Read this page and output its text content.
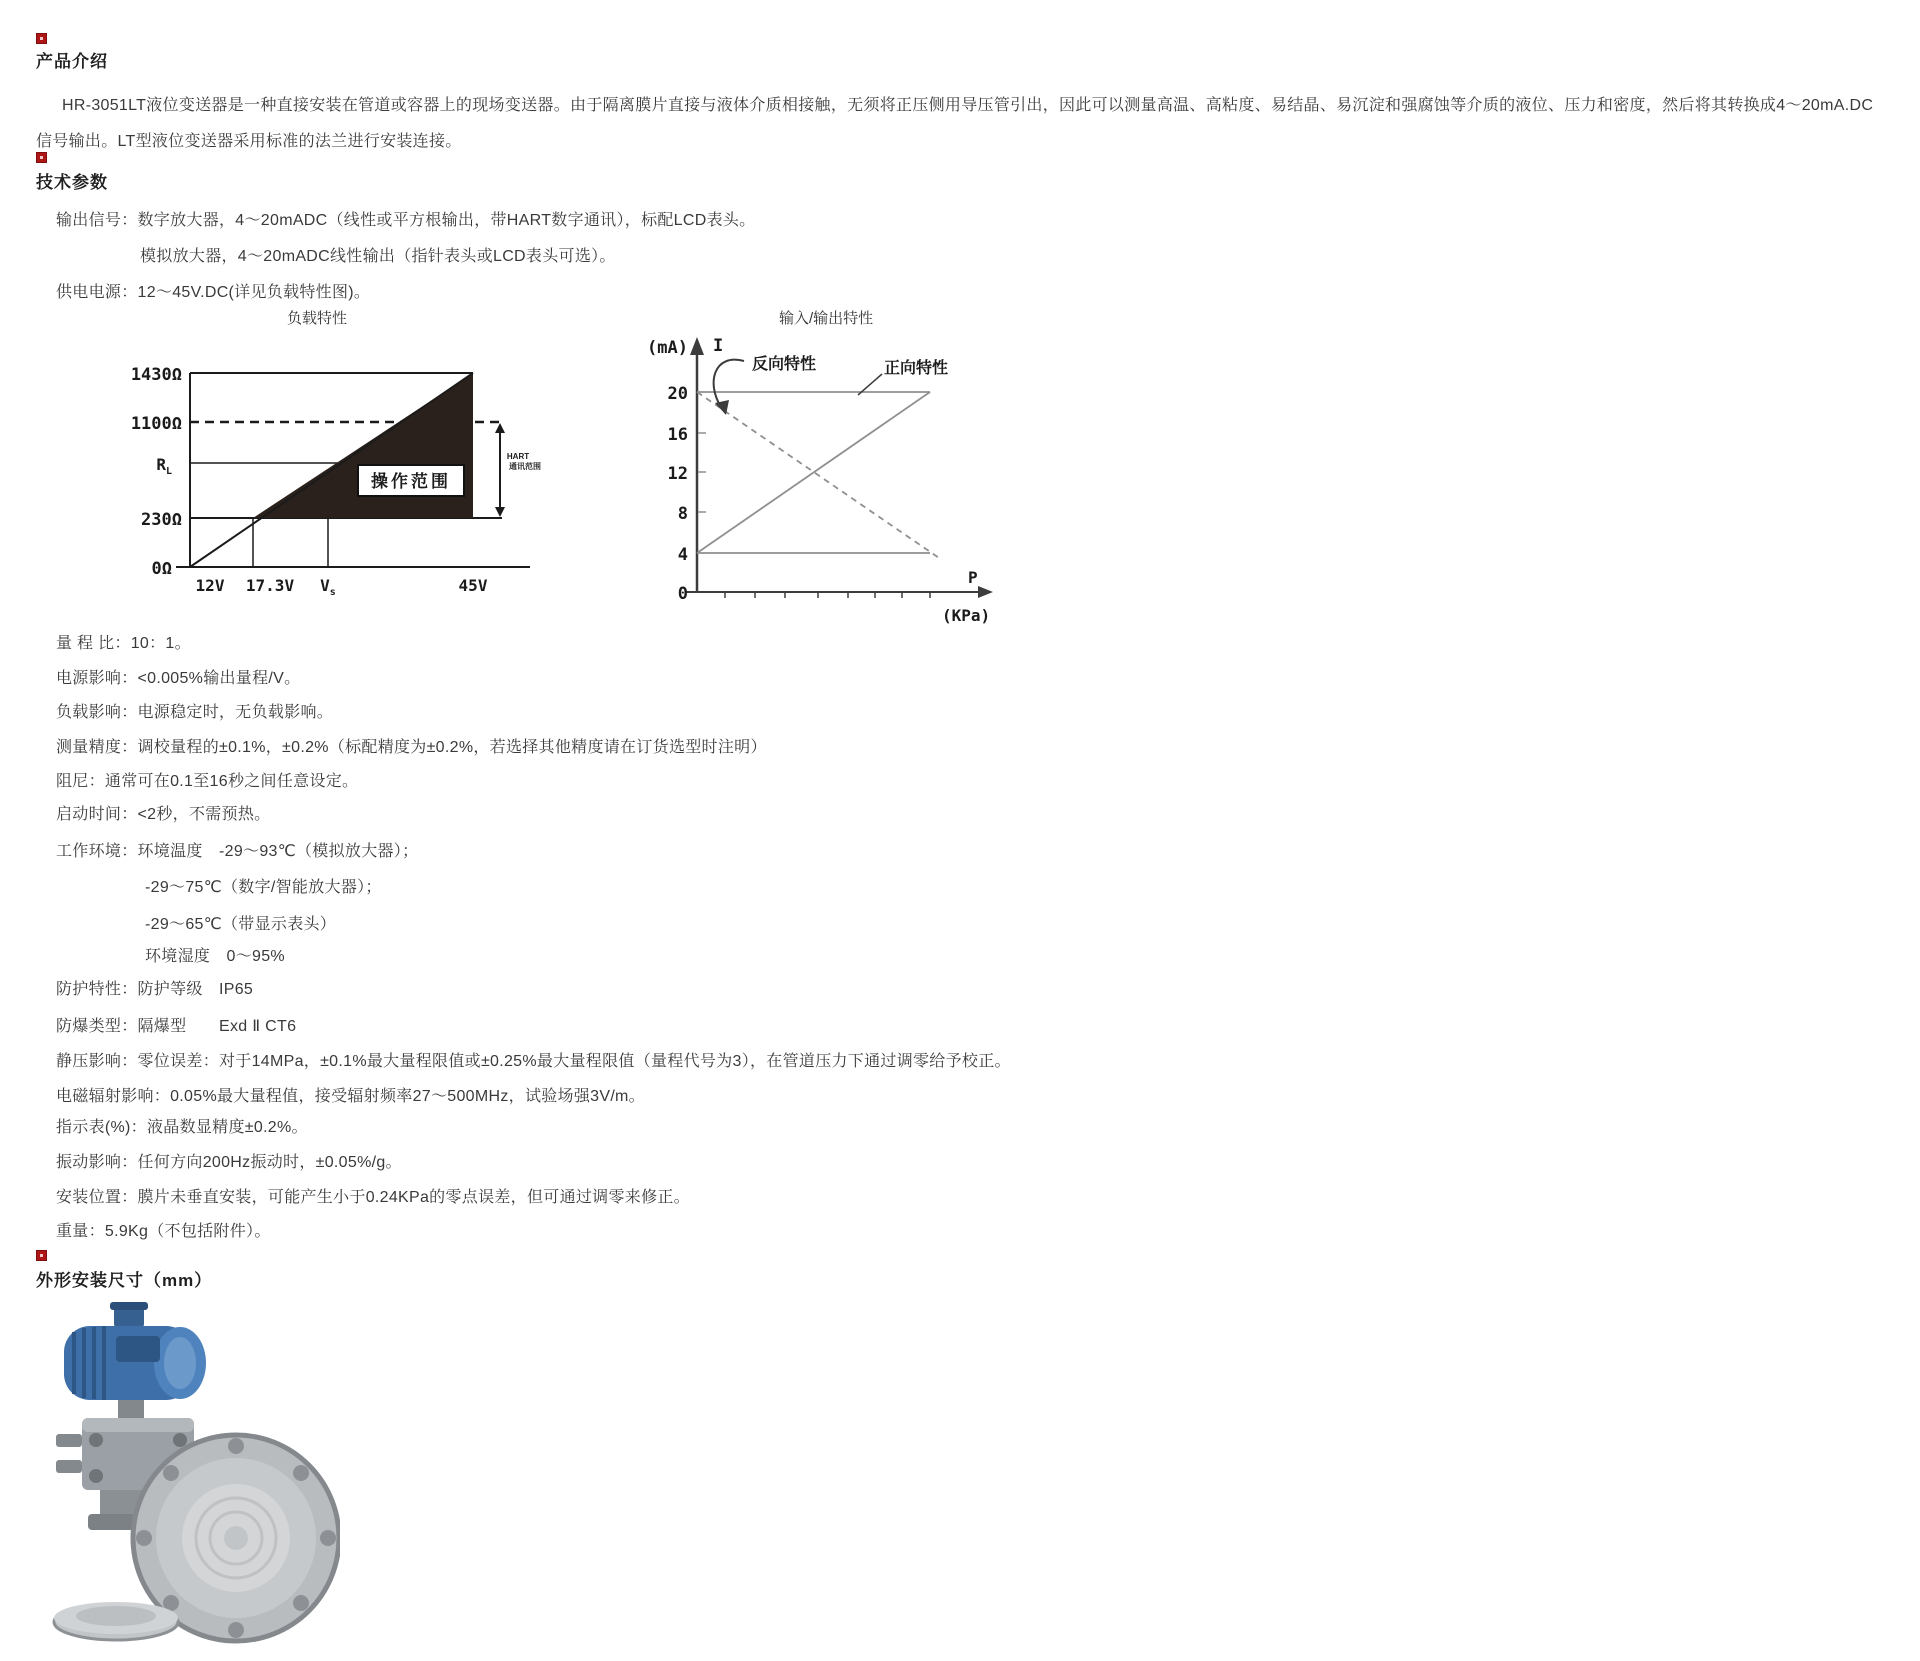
产品介绍
HR-3051LT液位变送器是一种直接安装在管道或容器上的现场变送器。由于隔离膜片直接与液体介质相接触，无须将正压侧用导压管引出，因此可以测量高温、高粘度、易结晶、易沉淀和强腐蚀等介质的液位、压力和密度，然后将其转换成4～20mA.DC
信号输出。LT型液位变送器采用标准的法兰进行安装连接。
技术参数
输出信号：数字放大器，4～20mADC（线性或平方根输出，带HART数字通讯），标配LCD表头。
模拟放大器，4～20mADC线性输出（指针表头或LCD表头可选）。
供电电源：12～45V.DC(详见负载特性图)。
负载特性	输入/输出特性
操作范围
HART
通讯范围
1430Ω
1100Ω
$R_L$
230Ω
0Ω
12V 17.3V $V_s$	45V
(mA) I
反向特性	正向特性
20
16
12
8
4
0
P
(KPa)
量 程 比：10：1。
电源影响：<0.005%输出量程/V。
负载影响：电源稳定时，无负载影响。
测量精度：调校量程的±0.1%，±0.2%（标配精度为±0.2%，若选择其他精度请在订货选型时注明）
阻尼：通常可在0.1至16秒之间任意设定。
启动时间：<2秒，不需预热。
工作环境：环境温度　-29～93℃（模拟放大器）；
-29～75℃（数字/智能放大器）；
-29～65℃（带显示表头）
环境湿度　0～95%
防护特性：防护等级　IP65
防爆类型：隔爆型　　Exd Ⅱ CT6
静压影响：零位误差：对于14MPa，±0.1%最大量程限值或±0.25%最大量程限值（量程代号为3），在管道压力下通过调零给予校正。
电磁辐射影响：0.05%最大量程值，接受辐射频率27～500MHz，试验场强3V/m。
指示表(%)：液晶数显精度±0.2%。
振动影响：任何方向200Hz振动时，±0.05%/g。
安装位置：膜片未垂直安装，可能产生小于0.24KPa的零点误差，但可通过调零来修正。
重量：5.9Kg（不包括附件）。
外形安装尺寸（mm）
